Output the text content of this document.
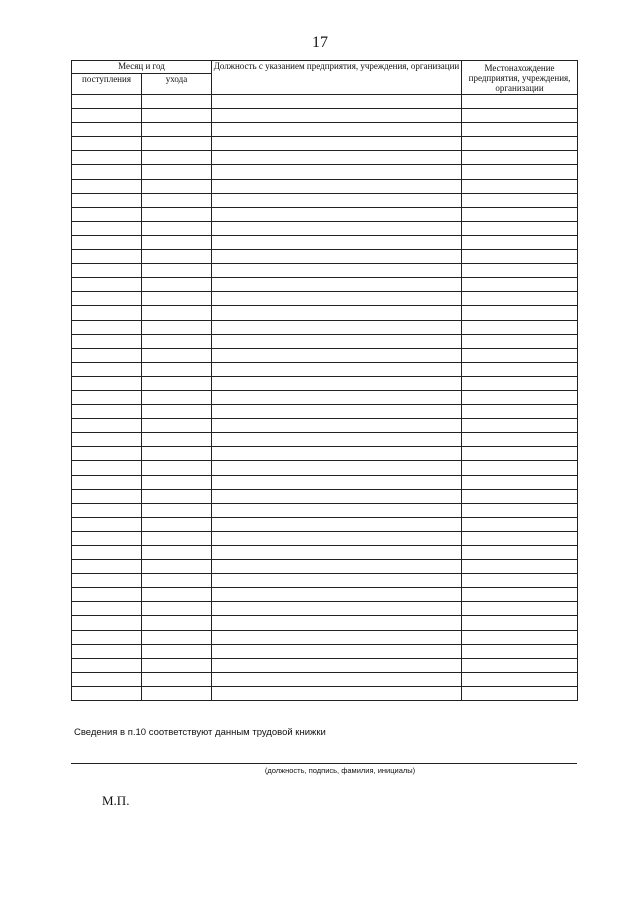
17
Месяц и год		Должность с указанием предприятия, учреждения, организации	Местонахождение предприятия, учреждения, организации
поступления	ухода		

Сведения в п.10 соответствуют данным трудовой книжки
(должность, подпись, фамилия, инициалы)
М.П.
